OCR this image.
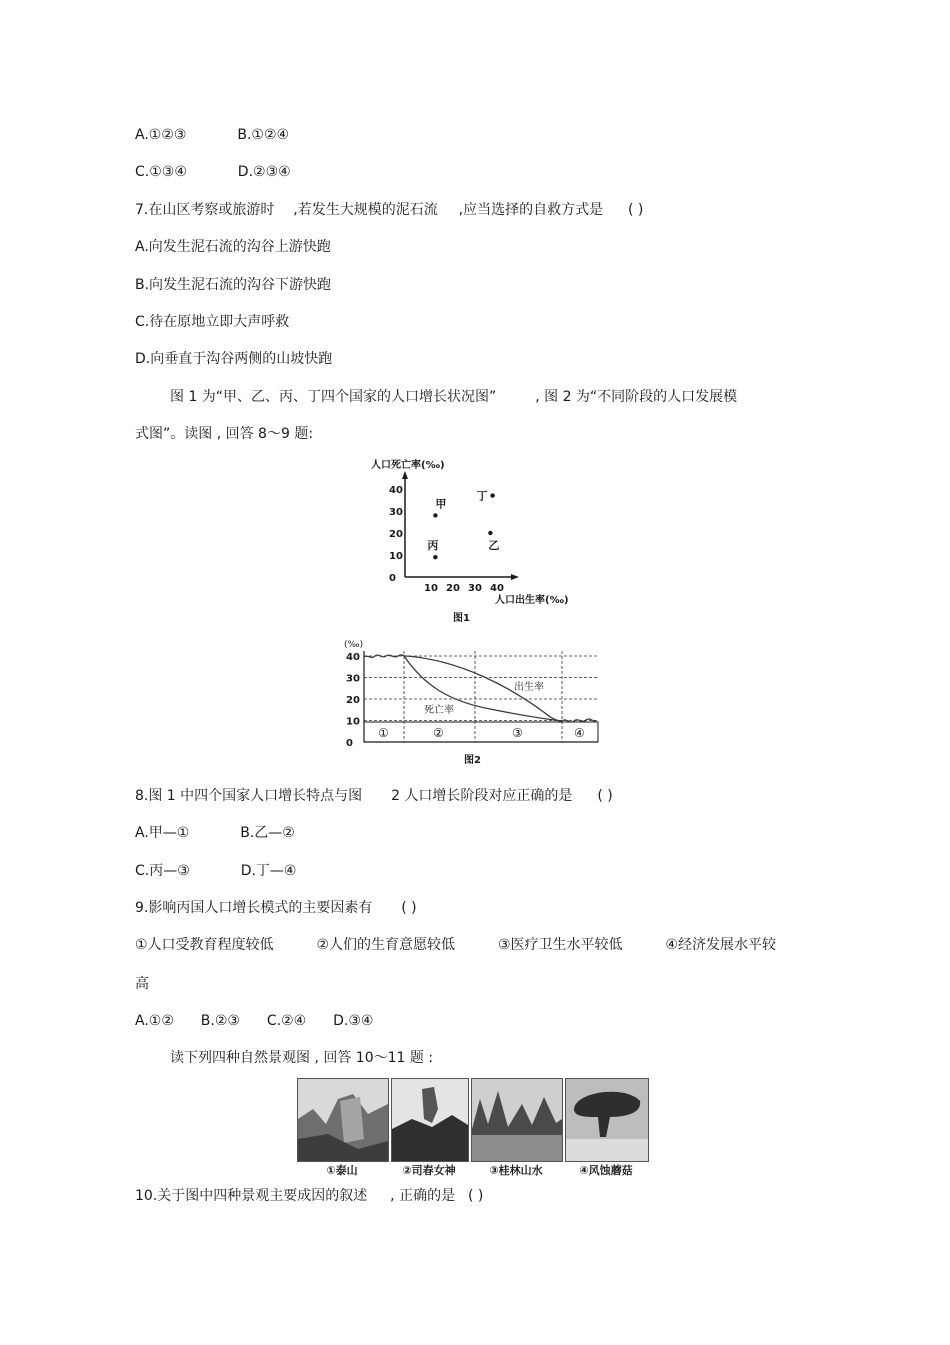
A.①②③	B.①②④
C.①③④	D.②③④
7.在山区考察或旅游时 ,若发生大规模的泥石流 ,应当选择的自救方式是 ( )
A.向发生泥石流的沟谷上游快跑
B.向发生泥石流的沟谷下游快跑
C.待在原地立即大声呼救
D.向垂直于沟谷两侧的山坡快跑
图 1 为“甲、乙、丙、丁四个国家的人口增长状况图”	, 图 2 为“不同阶段的人口发展模
式图”。读图 , 回答 8～9 题:
人口死亡率(‰)
40
30
20
10
0
10 20 30 40
甲
乙
丙
丁
人口出生率(‰)
图1
(‰)
出生率
死亡率
40
30
20
10
0
①	②	③	④
图2
8.图 1 中四个国家人口增长特点与图 2 人口增长阶段对应正确的是 ( )
A.甲—①	B.乙—②
C.丙—③	D.丁—④
9.影响丙国人口增长模式的主要因素有 ( )
①人口受教育程度较低	②人们的生育意愿较低	③医疗卫生水平较低	④经济发展水平较
高
A.①② B.②③ C.②④ D.③④
读下列四种自然景观图 , 回答 10～11 题 :
①泰山	②司春女神	③桂林山水	④风蚀蘑菇
10.关于图中四种景观主要成因的叙述 , 正确的是 ( )
